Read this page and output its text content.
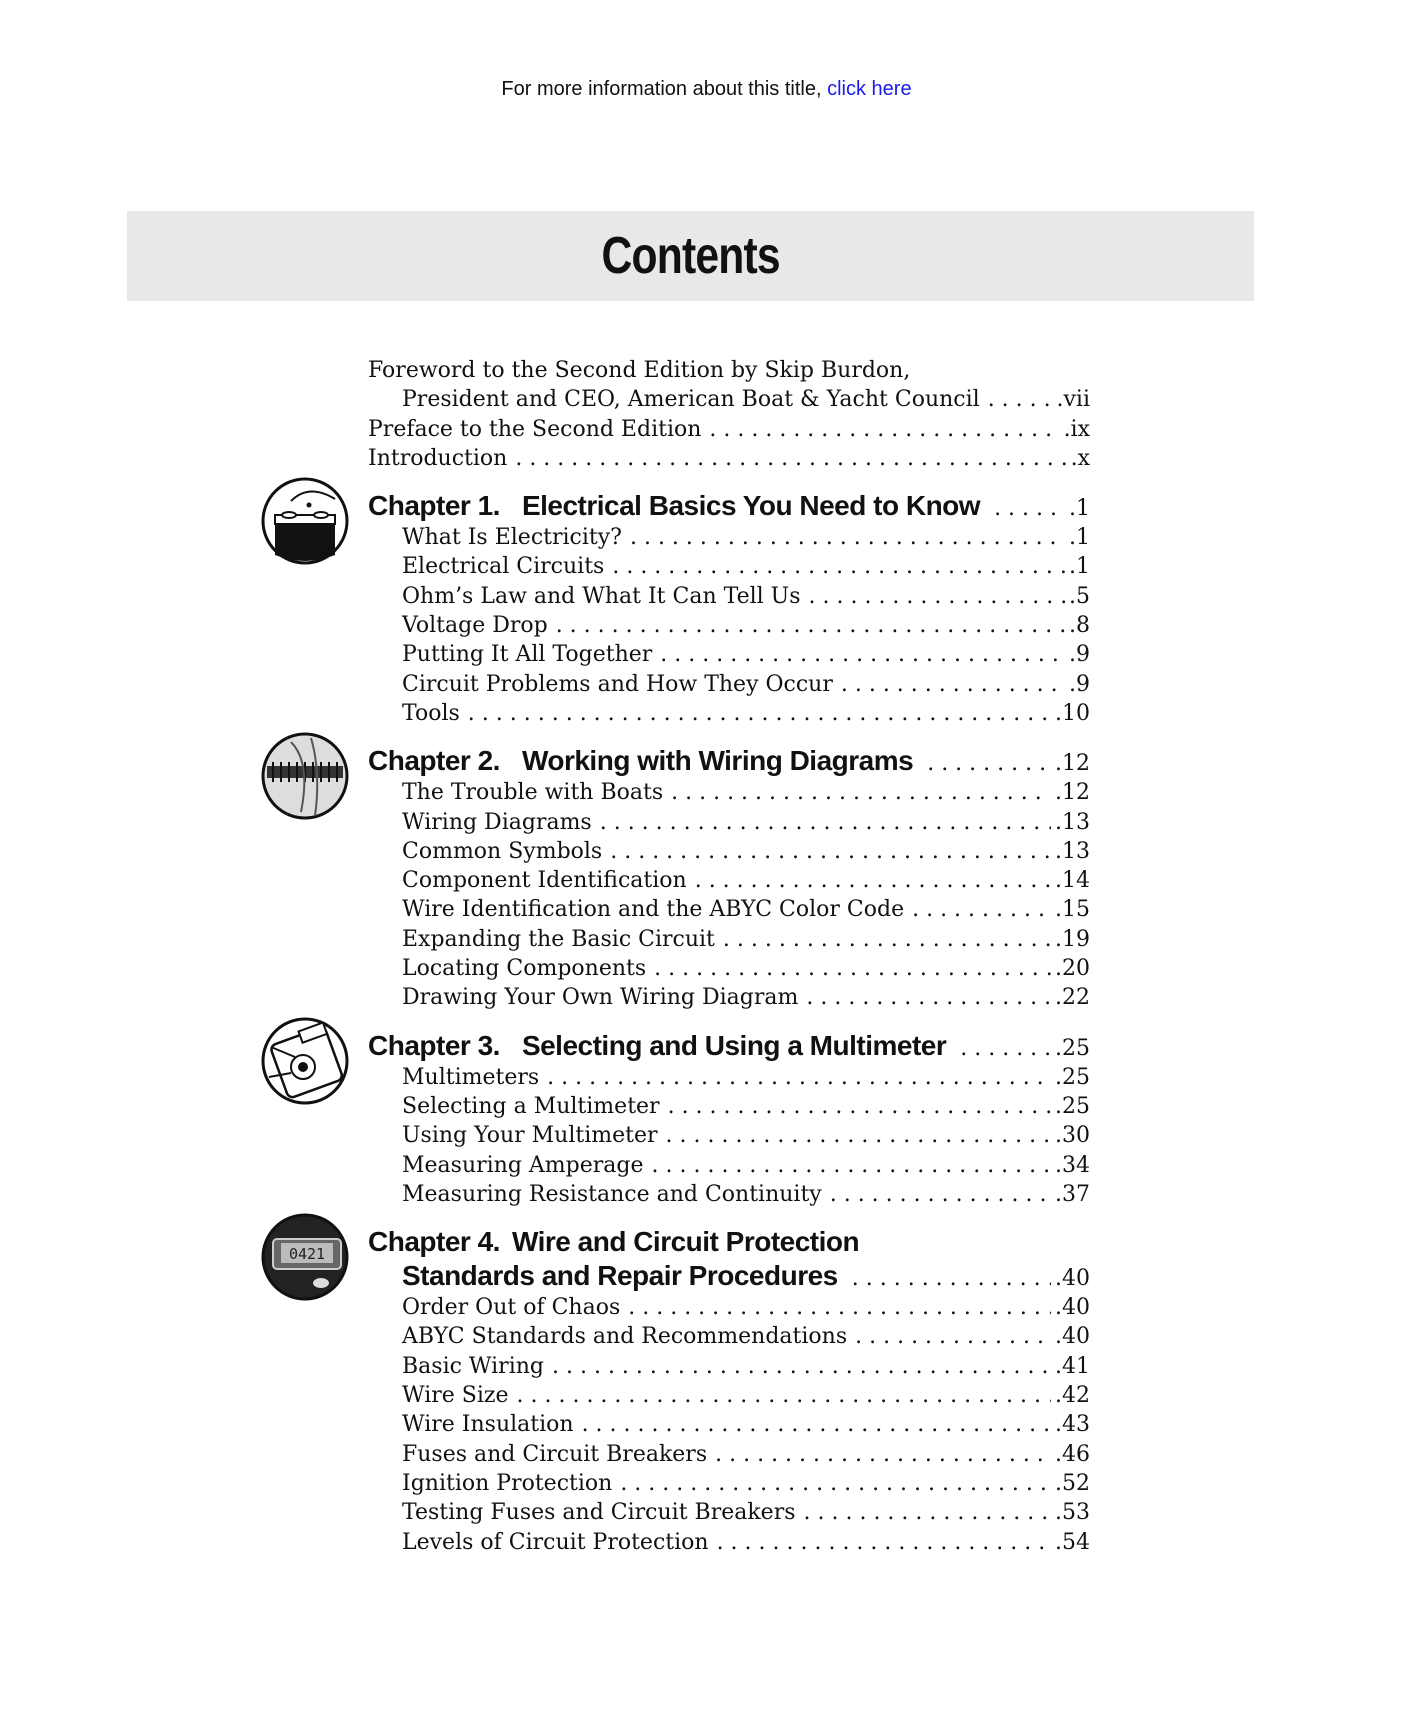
For more information about this title, click here
Contents
Foreword to the Second Edition by Skip Burdon,
President and CEO, American Boat & Yacht Council . . .	.vii
Preface to the Second Edition . . .	.ix
Introduction . . .	.x
Chapter 1. Electrical Basics You Need to Know . . .	.1
What Is Electricity? . . .	.1
Electrical Circuits . . .	.1
Ohm’s Law and What It Can Tell Us . . .	.5
Voltage Drop . . .	.8
Putting It All Together . . .	.9
Circuit Problems and How They Occur . . .	.9
Tools . . .	.10
Chapter 2. Working with Wiring Diagrams . . .	.12
The Trouble with Boats . . .	.12
Wiring Diagrams . . .	.13
Common Symbols . . .	.13
Component Identification . . .	.14
Wire Identification and the ABYC Color Code . . .	.15
Expanding the Basic Circuit . . .	.19
Locating Components . . .	.20
Drawing Your Own Wiring Diagram . . .	.22
Chapter 3. Selecting and Using a Multimeter . . .	.25
Multimeters . . .	.25
Selecting a Multimeter . . .	.25
Using Your Multimeter . . .	.30
Measuring Amperage . . .	.34
Measuring Resistance and Continuity . . .	.37
0421 Chapter 4. Wire and Circuit Protection
Standards and Repair Procedures . . .	.40
Order Out of Chaos . . .	.40
ABYC Standards and Recommendations . . .	.40
Basic Wiring . . .	.41
Wire Size . . .	.42
Wire Insulation . . .	.43
Fuses and Circuit Breakers . . .	.46
Ignition Protection . . .	.52
Testing Fuses and Circuit Breakers . . .	.53
Levels of Circuit Protection . . .	.54
